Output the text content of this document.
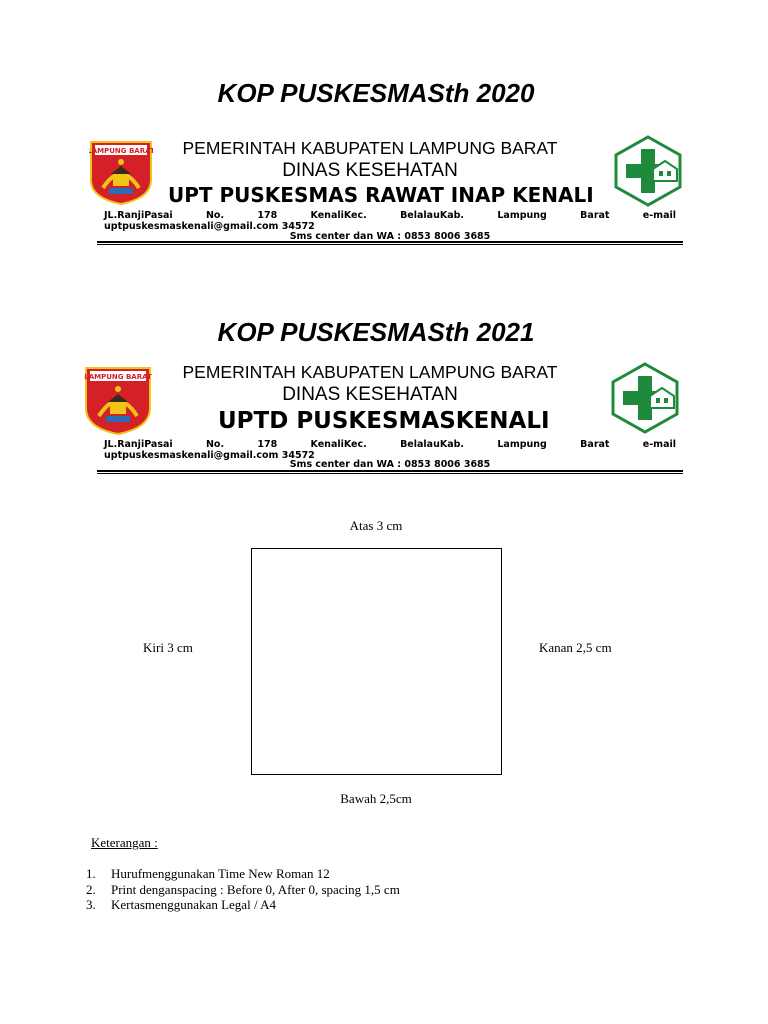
KOP PUSKESMASth 2020
LAMPUNG BARAT	PEMERINTAH KABUPATEN LAMPUNG BARAT
DINAS KESEHATAN
UPT PUSKESMAS RAWAT INAP KENALI
JL.RanjiPasai No. 178 KenaliKec. BelalauKab. Lampung Barat e-mail
uptpuskesmaskenali@gmail.com 34572
Sms center dan WA : 0853 8006 3685
KOP PUSKESMASth 2021
LAMPUNG BARAT	PEMERINTAH KABUPATEN LAMPUNG BARAT
DINAS KESEHATAN
UPTD PUSKESMASKENALI
JL.RanjiPasai No. 178 KenaliKec. BelalauKab. Lampung Barat e-mail
uptpuskesmaskenali@gmail.com 34572
Sms center dan WA : 0853 8006 3685
Atas 3 cm
Kiri 3 cm	Kanan 2,5 cm
Bawah 2,5cm
Keterangan :
1. Hurufmenggunakan Time New Roman 12
2. Print denganspacing : Before 0, After 0, spacing 1,5 cm
3. Kertasmenggunakan Legal / A4
